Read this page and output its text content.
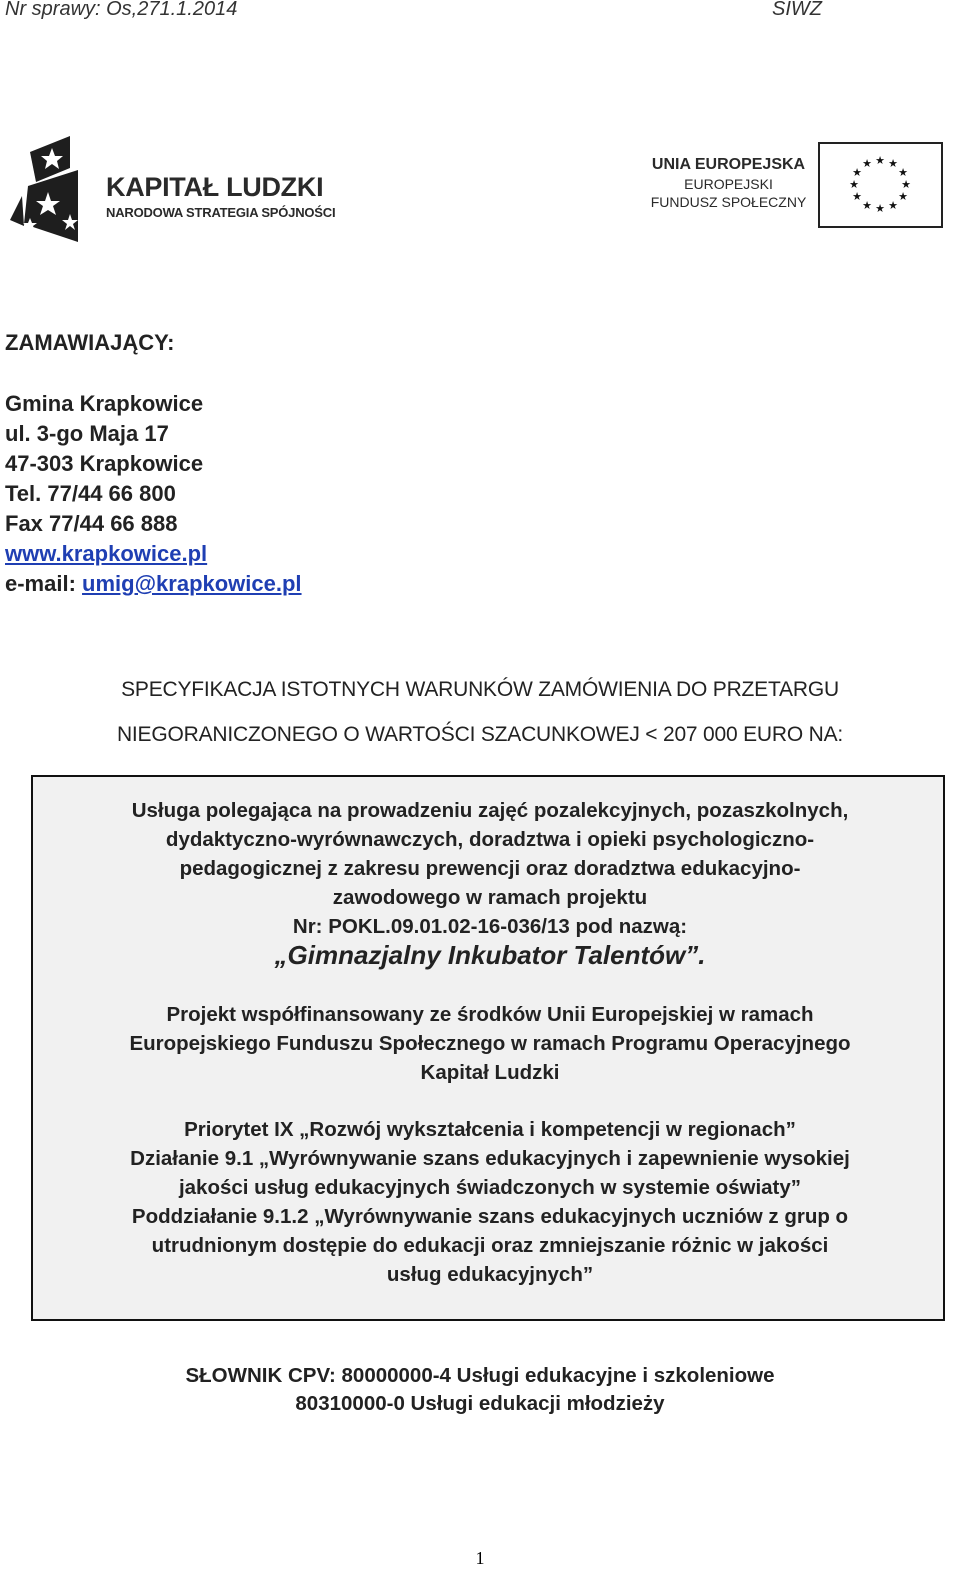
Nr sprawy: Os,271.1.2014	SIWZ
KAPITAŁ LUDZKI
NARODOWA STRATEGIA SPÓJNOŚCI
UNIA EUROPEJSKA
EUROPEJSKI
FUNDUSZ SPOŁECZNY
★ ★
★
★
★
★
★
★
★
★
★
★
ZAMAWIAJĄCY:
Gmina Krapkowice
ul. 3-go Maja 17
47-303 Krapkowice
Tel. 77/44 66 800
Fax 77/44 66 888
www.krapkowice.pl
e-mail: umig@krapkowice.pl
SPECYFIKACJA ISTOTNYCH WARUNKÓW ZAMÓWIENIA DO PRZETARGU
NIEGORANICZONEGO O WARTOŚCI SZACUNKOWEJ < 207 000 EURO NA:
Usługa polegająca na prowadzeniu zajęć pozalekcyjnych, pozaszkolnych,
dydaktyczno-wyrównawczych, doradztwa i opieki psychologiczno-
pedagogicznej z zakresu prewencji oraz doradztwa edukacyjno-
zawodowego w ramach projektu
Nr: POKL.09.01.02-16-036/13 pod nazwą:
„Gimnazjalny Inkubator Talentów”.
Projekt współfinansowany ze środków Unii Europejskiej w ramach
Europejskiego Funduszu Społecznego w ramach Programu Operacyjnego
Kapitał Ludzki
Priorytet IX „Rozwój wykształcenia i kompetencji w regionach”
Działanie 9.1 „Wyrównywanie szans edukacyjnych i zapewnienie wysokiej
jakości usług edukacyjnych świadczonych w systemie oświaty”
Poddziałanie 9.1.2 „Wyrównywanie szans edukacyjnych uczniów z grup o
utrudnionym dostępie do edukacji oraz zmniejszanie różnic w jakości
usług edukacyjnych”
SŁOWNIK CPV: 80000000-4 Usługi edukacyjne i szkoleniowe
80310000-0 Usługi edukacji młodzieży
1
